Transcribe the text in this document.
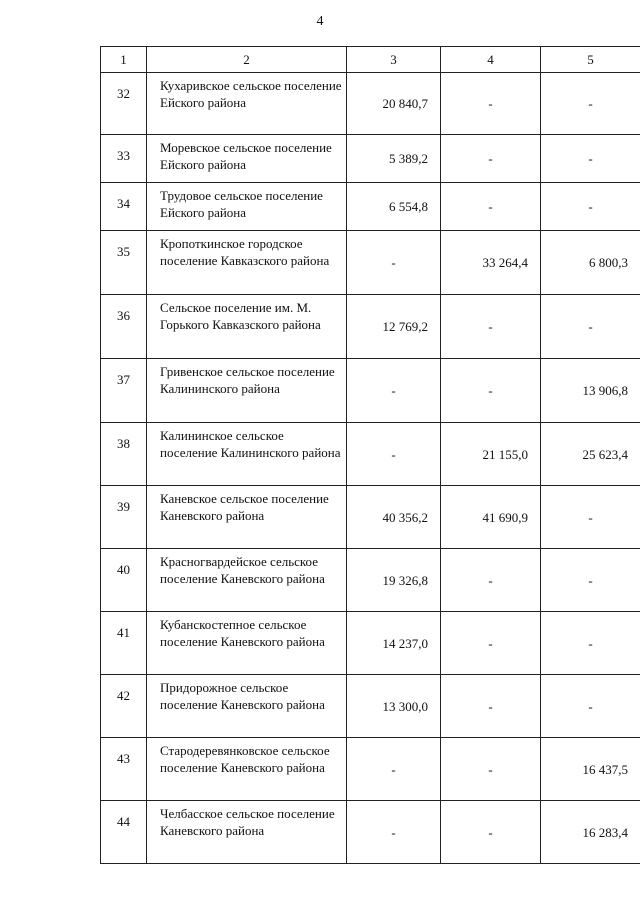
4
1	2	3	4	5
32	Кухаривское сельское поселение Ейского района	20 840,7	-	-
33	Моревское сельское поселение Ейского района	5 389,2	-	-
34	Трудовое сельское поселение Ейского района	6 554,8	-	-
35	Кропоткинское городское поселение Кавказского района	-	33 264,4	6 800,3
36	Сельское поселение им. М. Горького Кавказского района	12 769,2	-	-
37	Гривенское сельское поселение Калининского района	-	-	13 906,8
38	Калининское сельское поселение Калининского района	-	21 155,0	25 623,4
39	Каневское сельское поселение Каневского района	40 356,2	41 690,9	-
40	Красногвардейское сельское поселение Каневского района	19 326,8	-	-
41	Кубанскостепное сельское поселение Каневского района	14 237,0	-	-
42	Придорожное сельское поселение Каневского района	13 300,0	-	-
43	Стародеревянковское сельское поселение Каневского района	-	-	16 437,5
44	Челбасское сельское поселение Каневского района	-	-	16 283,4
